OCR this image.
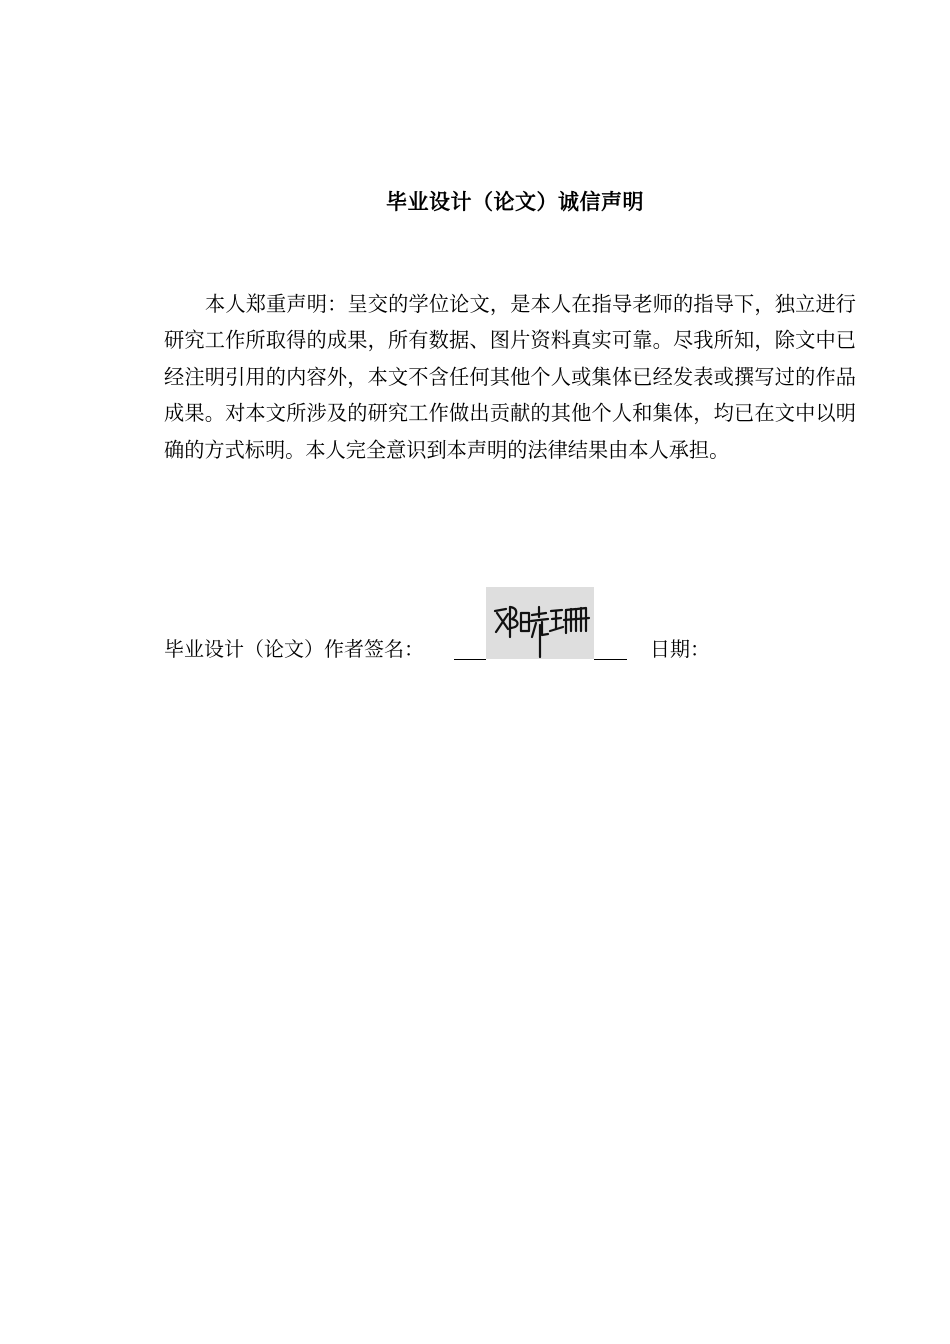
毕业设计（论文）诚信声明

本人郑重声明：呈交的学位论文，是本人在指导老师的指导下，独立进行研究工作所取得的成果，所有数据、图片资料真实可靠。尽我所知，除文中已经注明引用的内容外，本文不含任何其他个人或集体已经发表或撰写过的作品成果。对本文所涉及的研究工作做出贡献的其他个人和集体，均已在文中以明确的方式标明。本人完全意识到本声明的法律结果由本人承担。

毕业设计（论文）作者签名：	日期：
